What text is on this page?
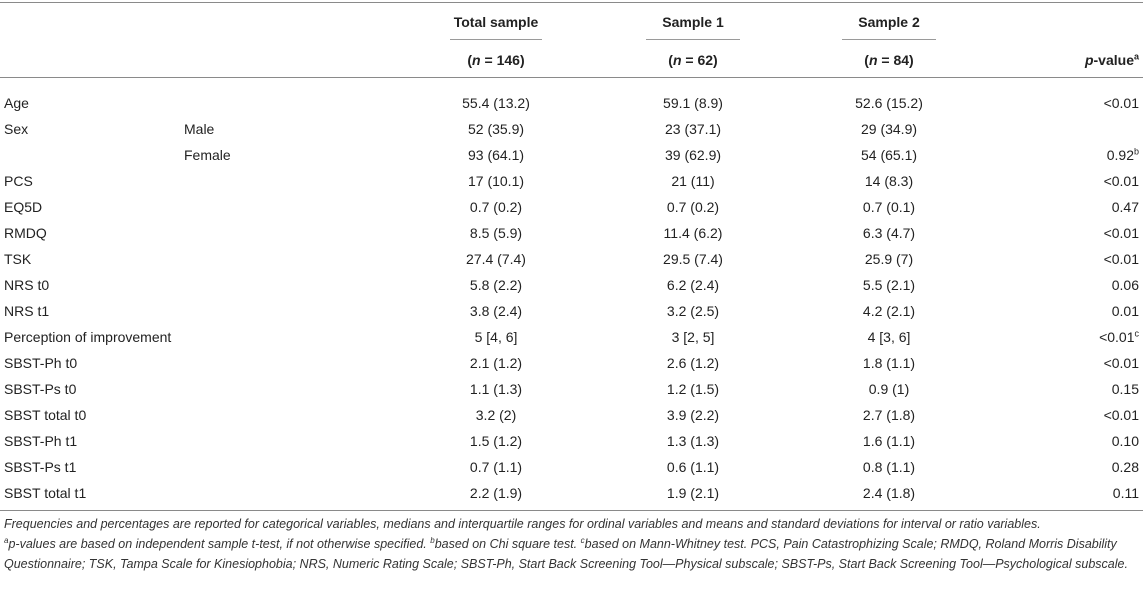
Total sample	Sample 1	Sample 2
(n = 146)	(n = 62)	(n = 84)	p-value$^a$
Age	55.4 (13.2)	59.1 (8.9)	52.6 (15.2)	<0.01
Sex	Male	52 (35.9)	23 (37.1)	29 (34.9)
Female	93 (64.1)	39 (62.9)	54 (65.1)	0.92$^b$
PCS	17 (10.1)	21 (11)	14 (8.3)	<0.01
EQ5D	0.7 (0.2)	0.7 (0.2)	0.7 (0.1)	0.47
RMDQ	8.5 (5.9)	11.4 (6.2)	6.3 (4.7)	<0.01
TSK	27.4 (7.4)	29.5 (7.4)	25.9 (7)	<0.01
NRS t0	5.8 (2.2)	6.2 (2.4)	5.5 (2.1)	0.06
NRS t1	3.8 (2.4)	3.2 (2.5)	4.2 (2.1)	0.01
Perception of improvement	5 [4, 6]	3 [2, 5]	4 [3, 6]	<0.01$^c$
SBST-Ph t0	2.1 (1.2)	2.6 (1.2)	1.8 (1.1)	<0.01
SBST-Ps t0	1.1 (1.3)	1.2 (1.5)	0.9 (1)	0.15
SBST total t0	3.2 (2)	3.9 (2.2)	2.7 (1.8)	<0.01
SBST-Ph t1	1.5 (1.2)	1.3 (1.3)	1.6 (1.1)	0.10
SBST-Ps t1	0.7 (1.1)	0.6 (1.1)	0.8 (1.1)	0.28
SBST total t1	2.2 (1.9)	1.9 (2.1)	2.4 (1.8)	0.11
Frequencies and percentages are reported for categorical variables, medians and interquartile ranges for ordinal variables and means and standard deviations for interval or ratio variables.
$^a$p-values are based on independent sample t-test, if not otherwise specified. $^b$based on Chi square test. $^c$based on Mann-Whitney test. PCS, Pain Catastrophizing Scale; RMDQ, Roland Morris Disability Questionnaire; TSK, Tampa Scale for Kinesiophobia; NRS, Numeric Rating Scale; SBST-Ph, Start Back Screening Tool—Physical subscale; SBST-Ps, Start Back Screening Tool—Psychological subscale.
